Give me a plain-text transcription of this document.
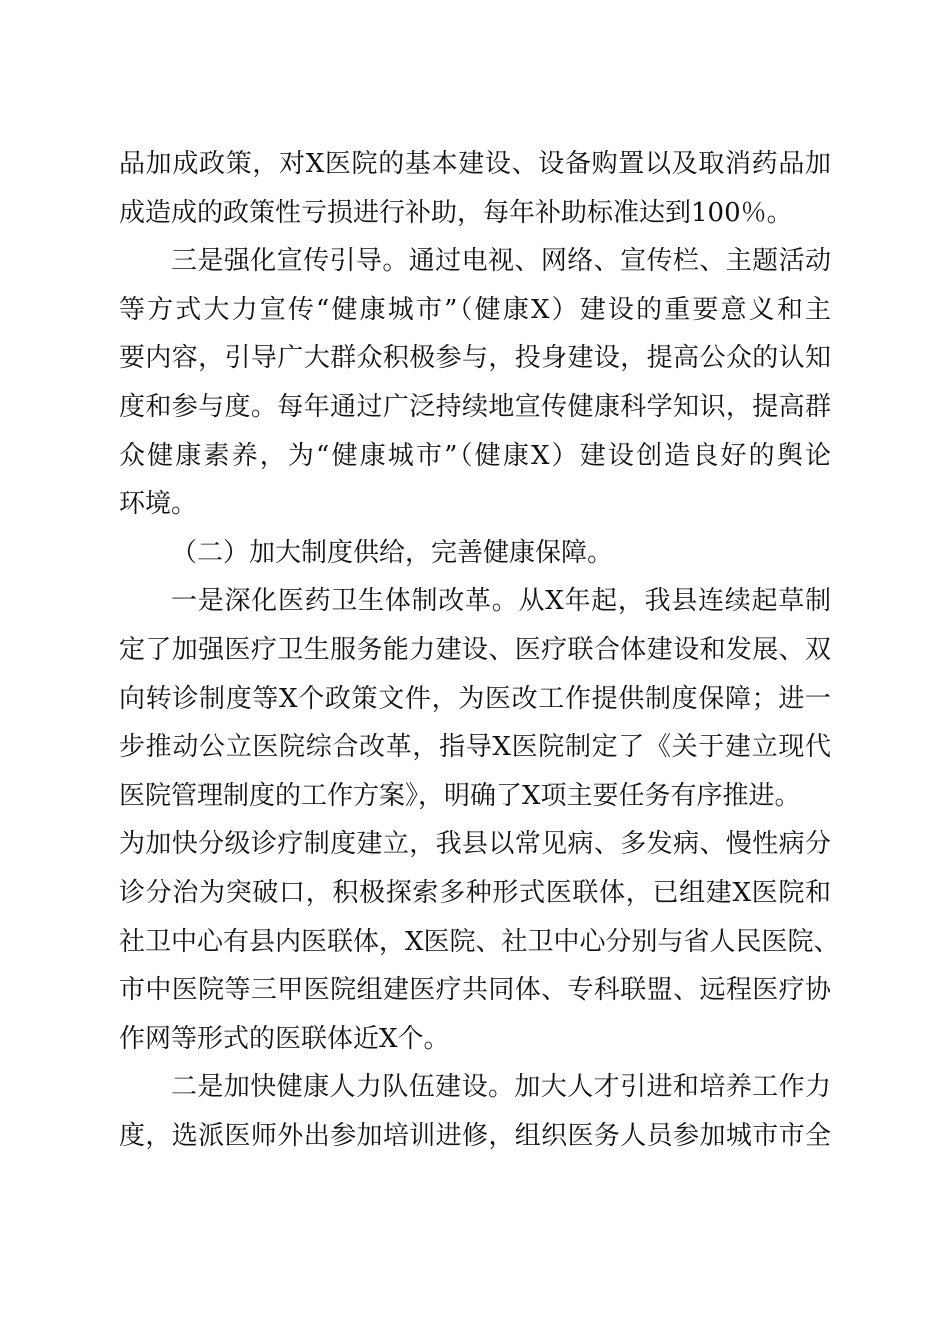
品加成政策，对X医院的基本建设、设备购置以及取消药品加
成造成的政策性亏损进行补助，每年补助标准达到100％。
三是强化宣传引导。通过电视、网络、宣传栏、主题活动
等方式大力宣传“健康城市”（健康X）建设的重要意义和主
要内容，引导广大群众积极参与，投身建设，提高公众的认知
度和参与度。每年通过广泛持续地宣传健康科学知识，提高群
众健康素养，为“健康城市”（健康X）建设创造良好的舆论
环境。
（二）加大制度供给，完善健康保障。
一是深化医药卫生体制改革。从X年起，我县连续起草制
定了加强医疗卫生服务能力建设、医疗联合体建设和发展、双
向转诊制度等X个政策文件，为医改工作提供制度保障；进一
步推动公立医院综合改革，指导X医院制定了《关于建立现代
医院管理制度的工作方案》，明确了X项主要任务有序推进。
为加快分级诊疗制度建立，我县以常见病、多发病、慢性病分
诊分治为突破口，积极探索多种形式医联体，已组建X医院和
社卫中心有县内医联体，X医院、社卫中心分别与省人民医院、
市中医院等三甲医院组建医疗共同体、专科联盟、远程医疗协
作网等形式的医联体近X个。
二是加快健康人力队伍建设。加大人才引进和培养工作力
度，选派医师外出参加培训进修，组织医务人员参加城市市全
